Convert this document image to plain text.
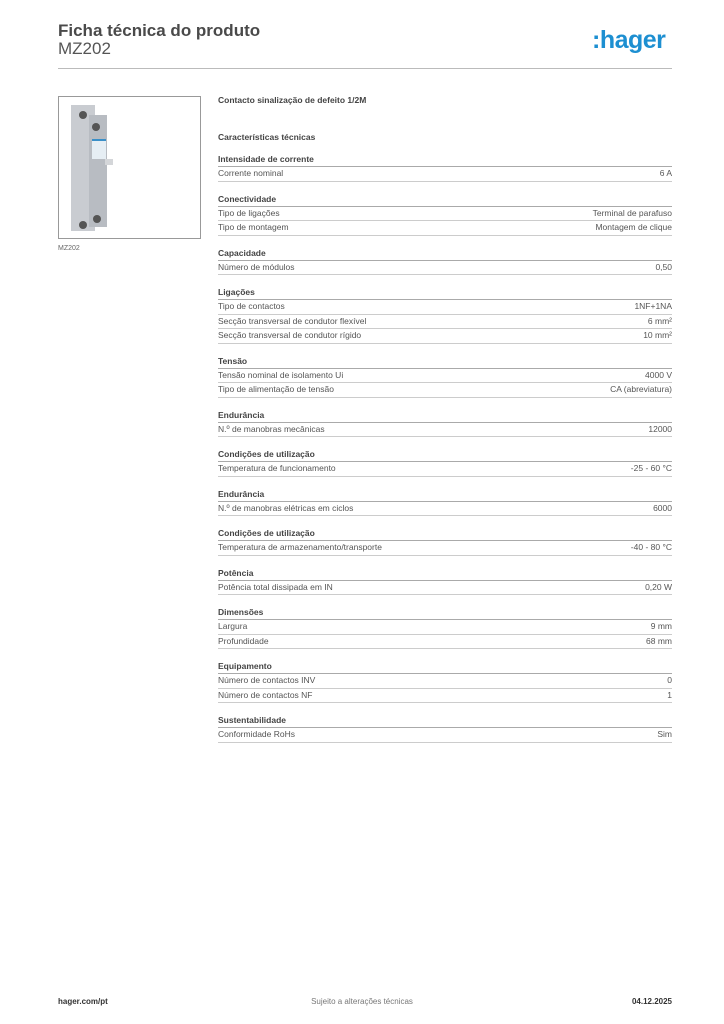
Ficha técnica do produto
MZ202	:hager
MZ202
Contacto sinalização de defeito 1/2M
Características técnicas
Intensidade de corrente
Corrente nominal	6 A
Conectividade
Tipo de ligações	Terminal de parafuso
Tipo de montagem	Montagem de clique
Capacidade
Número de módulos	0,50
Ligações
Tipo de contactos	1NF+1NA
Secção transversal de condutor flexível	6 mm²
Secção transversal de condutor rígido	10 mm²
Tensão
Tensão nominal de isolamento Ui	4000 V
Tipo de alimentação de tensão	CA (abreviatura)
Endurância
N.º de manobras mecânicas	12000
Condições de utilização
Temperatura de funcionamento	-25 - 60 °C
Endurância
N.º de manobras elétricas em ciclos	6000
Condições de utilização
Temperatura de armazenamento/transporte	-40 - 80 °C
Potência
Potência total dissipada em IN	0,20 W
Dimensões
Largura	9 mm
Profundidade	68 mm
Equipamento
Número de contactos INV	0
Número de contactos NF	1
Sustentabilidade
Conformidade RoHs	Sim
Sujeito a alterações técnicas
hager.com/pt	04.12.2025
